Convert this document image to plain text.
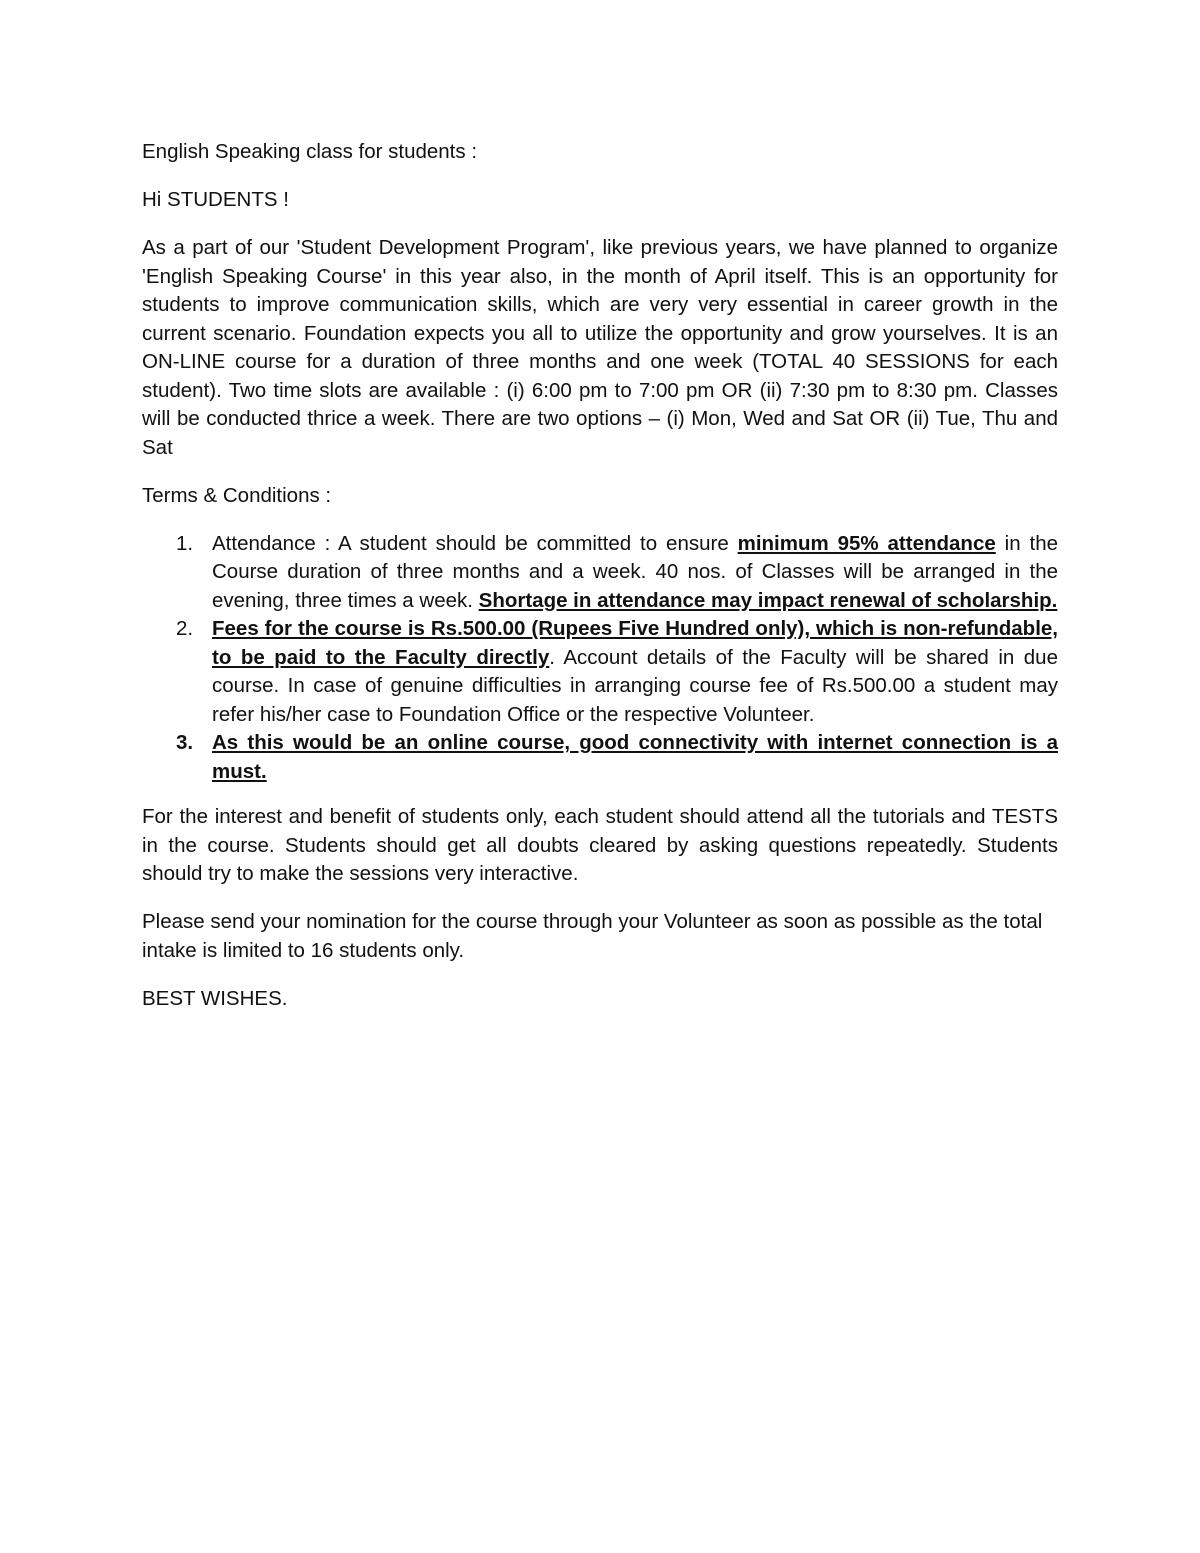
English Speaking class for students :

Hi STUDENTS !

As a part of our 'Student Development Program', like previous years, we have planned to organize 'English Speaking Course' in this year also, in the month of April itself. This is an opportunity for students to improve communication skills, which are very very essential in career growth in the current scenario. Foundation expects you all to utilize the opportunity and grow yourselves. It is an ON-LINE course for a duration of three months and one week (TOTAL 40 SESSIONS for each student). Two time slots are available : (i) 6:00 pm to 7:00 pm OR (ii) 7:30 pm to 8:30 pm. Classes will be conducted thrice a week. There are two options – (i) Mon, Wed and Sat OR (ii) Tue, Thu and Sat

Terms & Conditions :

1. Attendance : A student should be committed to ensure minimum 95% attendance in the Course duration of three months and a week. 40 nos. of Classes will be arranged in the evening, three times a week. Shortage in attendance may impact renewal of scholarship.
2. Fees for the course is Rs.500.00 (Rupees Five Hundred only), which is non-refundable, to be paid to the Faculty directly. Account details of the Faculty will be shared in due course. In case of genuine difficulties in arranging course fee of Rs.500.00 a student may refer his/her case to Foundation Office or the respective Volunteer.
3. As this would be an online course, good connectivity with internet connection is a must.

For the interest and benefit of students only, each student should attend all the tutorials and TESTS in the course. Students should get all doubts cleared by asking questions repeatedly. Students should try to make the sessions very interactive.

Please send your nomination for the course through your Volunteer as soon as possible as the total intake is limited to 16 students only.

BEST WISHES.
